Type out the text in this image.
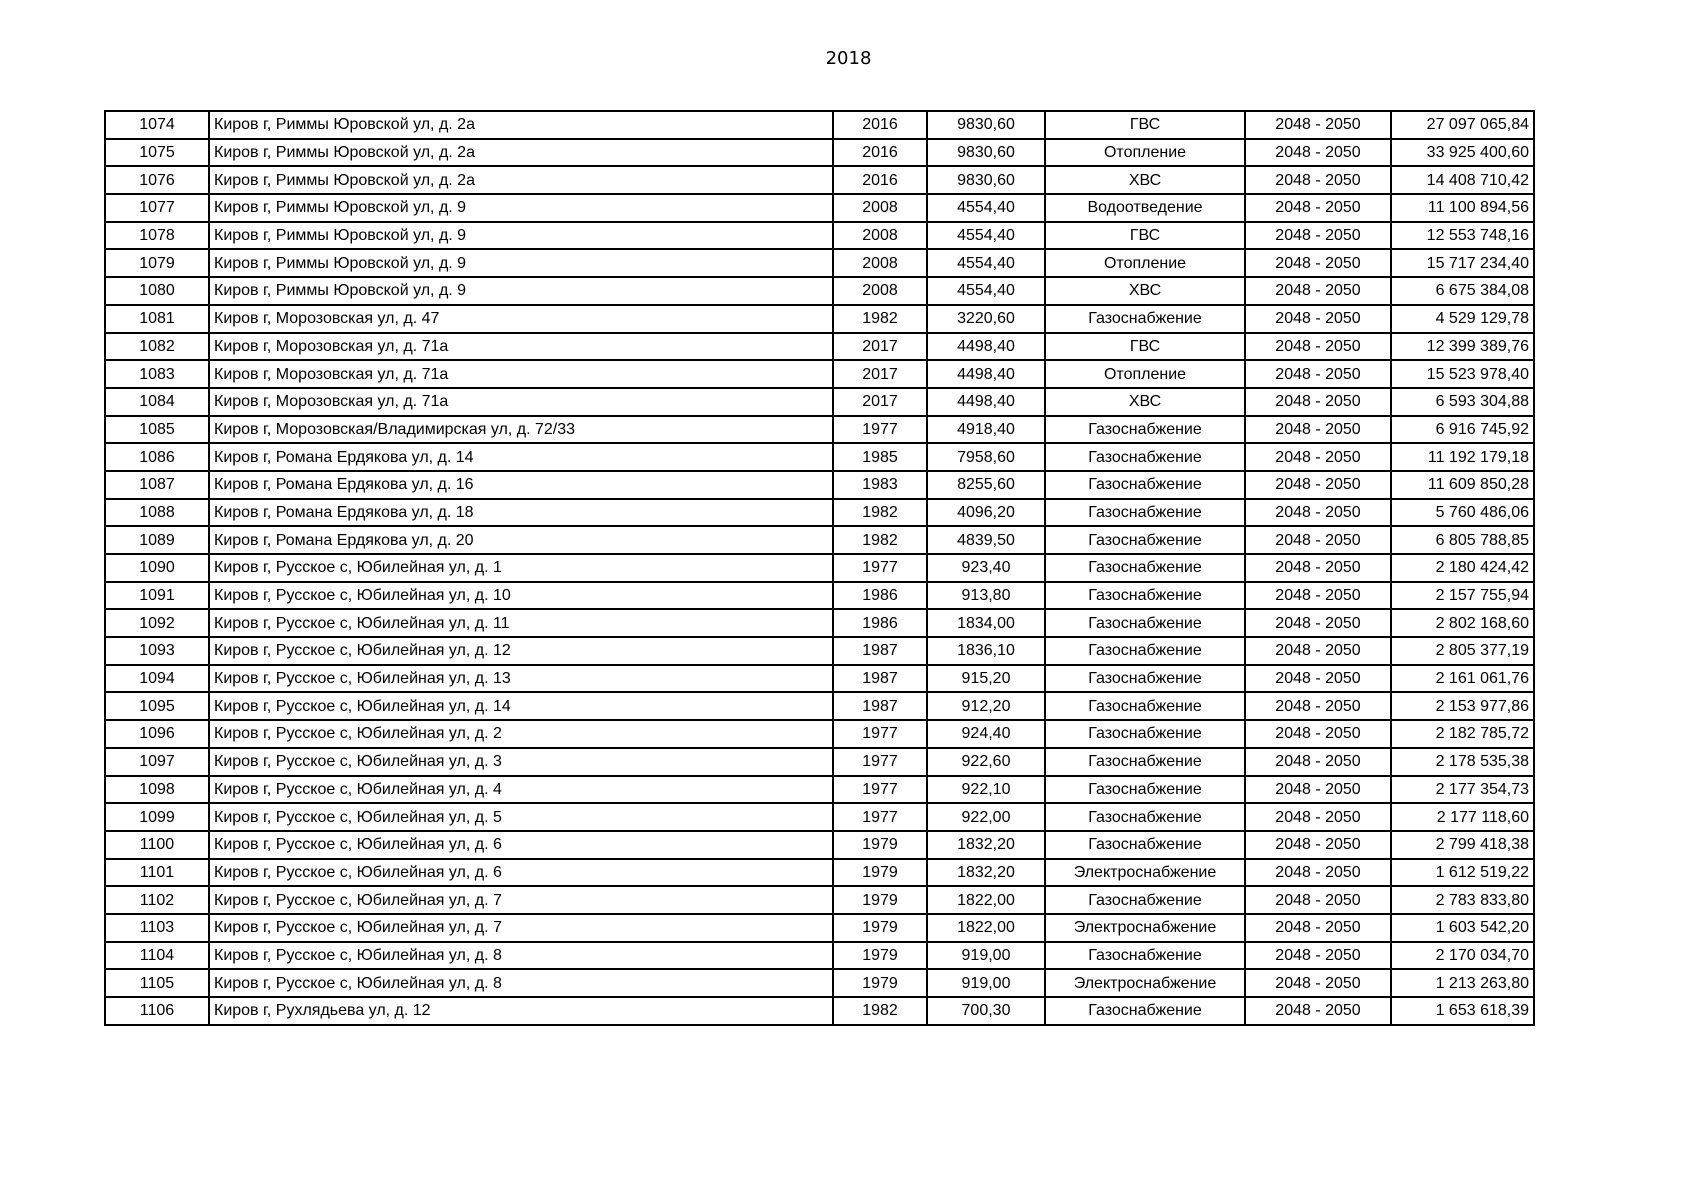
2018
1074	Киров г, Риммы Юровской ул, д. 2а	2016	9830,60	ГВС	2048 - 2050	27 097 065,84
1075	Киров г, Риммы Юровской ул, д. 2а	2016	9830,60	Отопление	2048 - 2050	33 925 400,60
1076	Киров г, Риммы Юровской ул, д. 2а	2016	9830,60	ХВС	2048 - 2050	14 408 710,42
1077	Киров г, Риммы Юровской ул, д. 9	2008	4554,40	Водоотведение	2048 - 2050	11 100 894,56
1078	Киров г, Риммы Юровской ул, д. 9	2008	4554,40	ГВС	2048 - 2050	12 553 748,16
1079	Киров г, Риммы Юровской ул, д. 9	2008	4554,40	Отопление	2048 - 2050	15 717 234,40
1080	Киров г, Риммы Юровской ул, д. 9	2008	4554,40	ХВС	2048 - 2050	6 675 384,08
1081	Киров г, Морозовская ул, д. 47	1982	3220,60	Газоснабжение	2048 - 2050	4 529 129,78
1082	Киров г, Морозовская ул, д. 71а	2017	4498,40	ГВС	2048 - 2050	12 399 389,76
1083	Киров г, Морозовская ул, д. 71а	2017	4498,40	Отопление	2048 - 2050	15 523 978,40
1084	Киров г, Морозовская ул, д. 71а	2017	4498,40	ХВС	2048 - 2050	6 593 304,88
1085	Киров г, Морозовская/Владимирская ул, д. 72/33	1977	4918,40	Газоснабжение	2048 - 2050	6 916 745,92
1086	Киров г, Романа Ердякова ул, д. 14	1985	7958,60	Газоснабжение	2048 - 2050	11 192 179,18
1087	Киров г, Романа Ердякова ул, д. 16	1983	8255,60	Газоснабжение	2048 - 2050	11 609 850,28
1088	Киров г, Романа Ердякова ул, д. 18	1982	4096,20	Газоснабжение	2048 - 2050	5 760 486,06
1089	Киров г, Романа Ердякова ул, д. 20	1982	4839,50	Газоснабжение	2048 - 2050	6 805 788,85
1090	Киров г, Русское с, Юбилейная ул, д. 1	1977	923,40	Газоснабжение	2048 - 2050	2 180 424,42
1091	Киров г, Русское с, Юбилейная ул, д. 10	1986	913,80	Газоснабжение	2048 - 2050	2 157 755,94
1092	Киров г, Русское с, Юбилейная ул, д. 11	1986	1834,00	Газоснабжение	2048 - 2050	2 802 168,60
1093	Киров г, Русское с, Юбилейная ул, д. 12	1987	1836,10	Газоснабжение	2048 - 2050	2 805 377,19
1094	Киров г, Русское с, Юбилейная ул, д. 13	1987	915,20	Газоснабжение	2048 - 2050	2 161 061,76
1095	Киров г, Русское с, Юбилейная ул, д. 14	1987	912,20	Газоснабжение	2048 - 2050	2 153 977,86
1096	Киров г, Русское с, Юбилейная ул, д. 2	1977	924,40	Газоснабжение	2048 - 2050	2 182 785,72
1097	Киров г, Русское с, Юбилейная ул, д. 3	1977	922,60	Газоснабжение	2048 - 2050	2 178 535,38
1098	Киров г, Русское с, Юбилейная ул, д. 4	1977	922,10	Газоснабжение	2048 - 2050	2 177 354,73
1099	Киров г, Русское с, Юбилейная ул, д. 5	1977	922,00	Газоснабжение	2048 - 2050	2 177 118,60
1100	Киров г, Русское с, Юбилейная ул, д. 6	1979	1832,20	Газоснабжение	2048 - 2050	2 799 418,38
1101	Киров г, Русское с, Юбилейная ул, д. 6	1979	1832,20	Электроснабжение	2048 - 2050	1 612 519,22
1102	Киров г, Русское с, Юбилейная ул, д. 7	1979	1822,00	Газоснабжение	2048 - 2050	2 783 833,80
1103	Киров г, Русское с, Юбилейная ул, д. 7	1979	1822,00	Электроснабжение	2048 - 2050	1 603 542,20
1104	Киров г, Русское с, Юбилейная ул, д. 8	1979	919,00	Газоснабжение	2048 - 2050	2 170 034,70
1105	Киров г, Русское с, Юбилейная ул, д. 8	1979	919,00	Электроснабжение	2048 - 2050	1 213 263,80
1106	Киров г, Рухлядьева ул, д. 12	1982	700,30	Газоснабжение	2048 - 2050	1 653 618,39
